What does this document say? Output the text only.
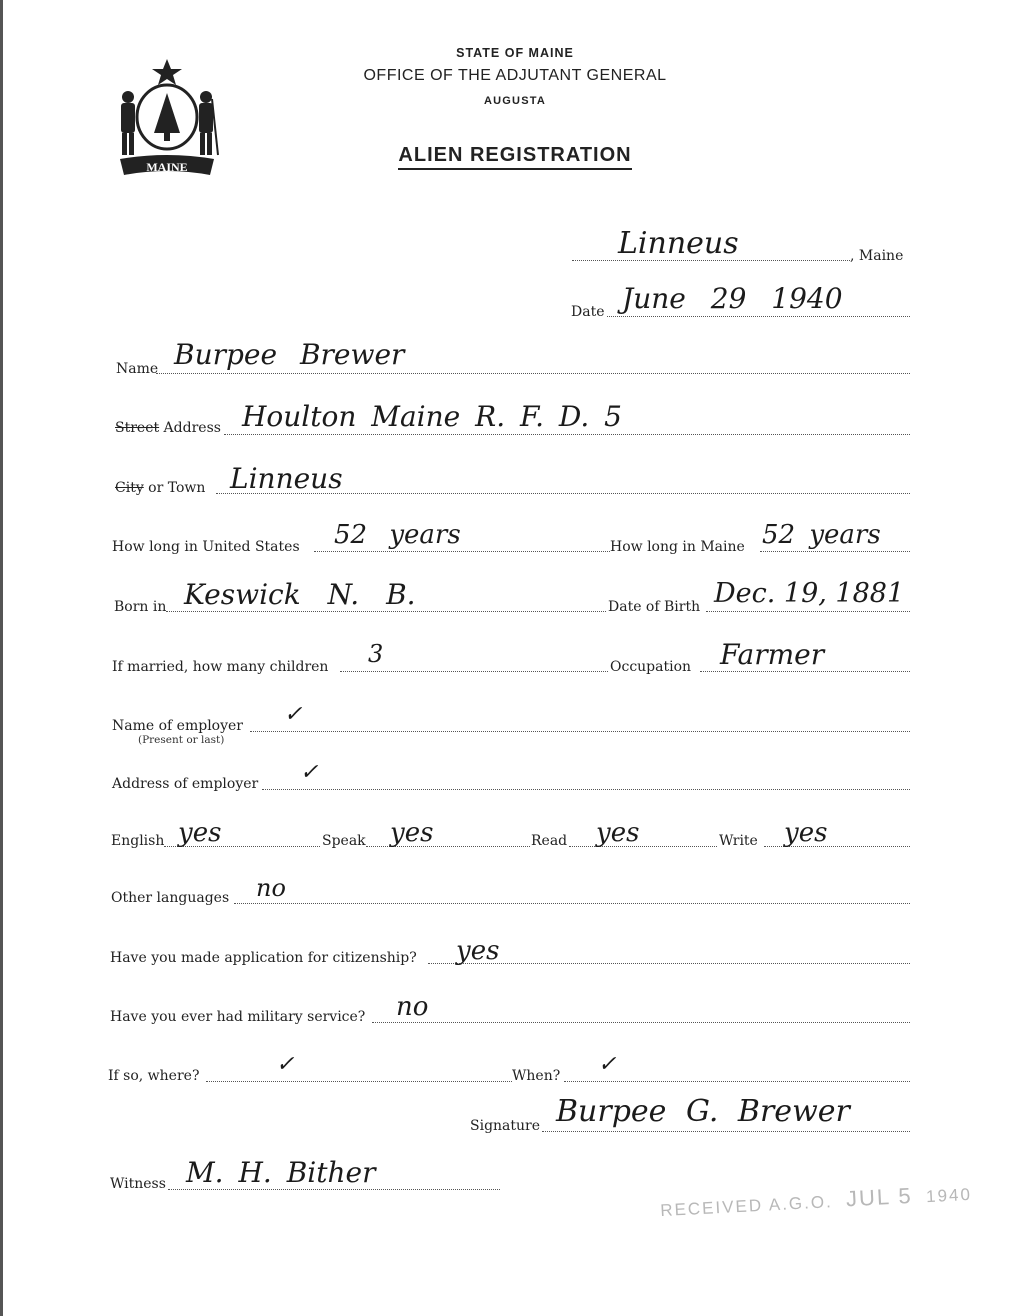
MAINE
STATE OF MAINE
OFFICE OF THE ADJUTANT GENERAL
AUGUSTA
ALIEN REGISTRATION
Linneus	, Maine
Date June 29 1940
Name Burpee Brewer
Street Address Houlton Maine R. F. D. 5
City or Town Linneus
How long in United States 52 years	How long in Maine 52 years
Born in Keswick N. B.	Date of Birth Dec. 19, 1881
If married, how many children 3	Occupation Farmer
Name of employer
(Present or last)
✓
Address of employer ✓
English yes	Speak yes	Read yes	Write yes
Other languages no
Have you made application for citizenship? yes
Have you ever had military service? no
If so, where?	✓	When? ✓
Signature Burpee G. Brewer
Witness M. H. Bither
RECEIVED A.G.O. JUL 5 1940
